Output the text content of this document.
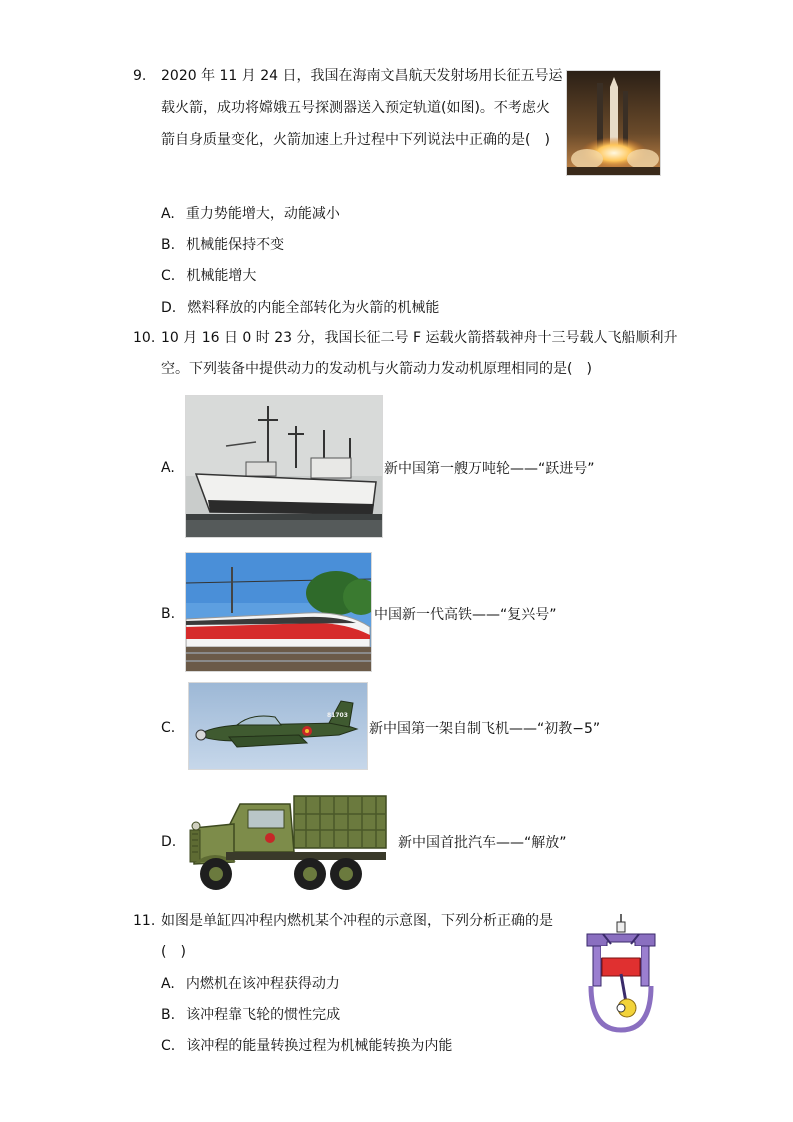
9. 2020 年 11 月 24 日，我国在海南文昌航天发射场用长征五号运
载火箭，成功将嫦娥五号探测器送入预定轨道(如图)。不考虑火
箭自身质量变化，火箭加速上升过程中下列说法中正确的是(　)
A. 重力势能增大，动能减小
B. 机械能保持不变
C. 机械能增大
D. 燃料释放的内能全部转化为火箭的机械能
10. 10 月 16 日 0 时 23 分，我国长征二号 F 运载火箭搭载神舟十三号载人飞船顺利升
空。下列装备中提供动力的发动机与火箭动力发动机原理相同的是(　)
A.	新中国第一艘万吨轮——“跃进号”
B.	中国新一代高铁——“复兴号”
C.
81703
新中国第一架自制飞机——“初教−5”
D.	新中国首批汽车——“解放”
11. 如图是单缸四冲程内燃机某个冲程的示意图，下列分析正确的是
(　)
A. 内燃机在该冲程获得动力
B. 该冲程靠飞轮的惯性完成
C. 该冲程的能量转换过程为机械能转换为内能
